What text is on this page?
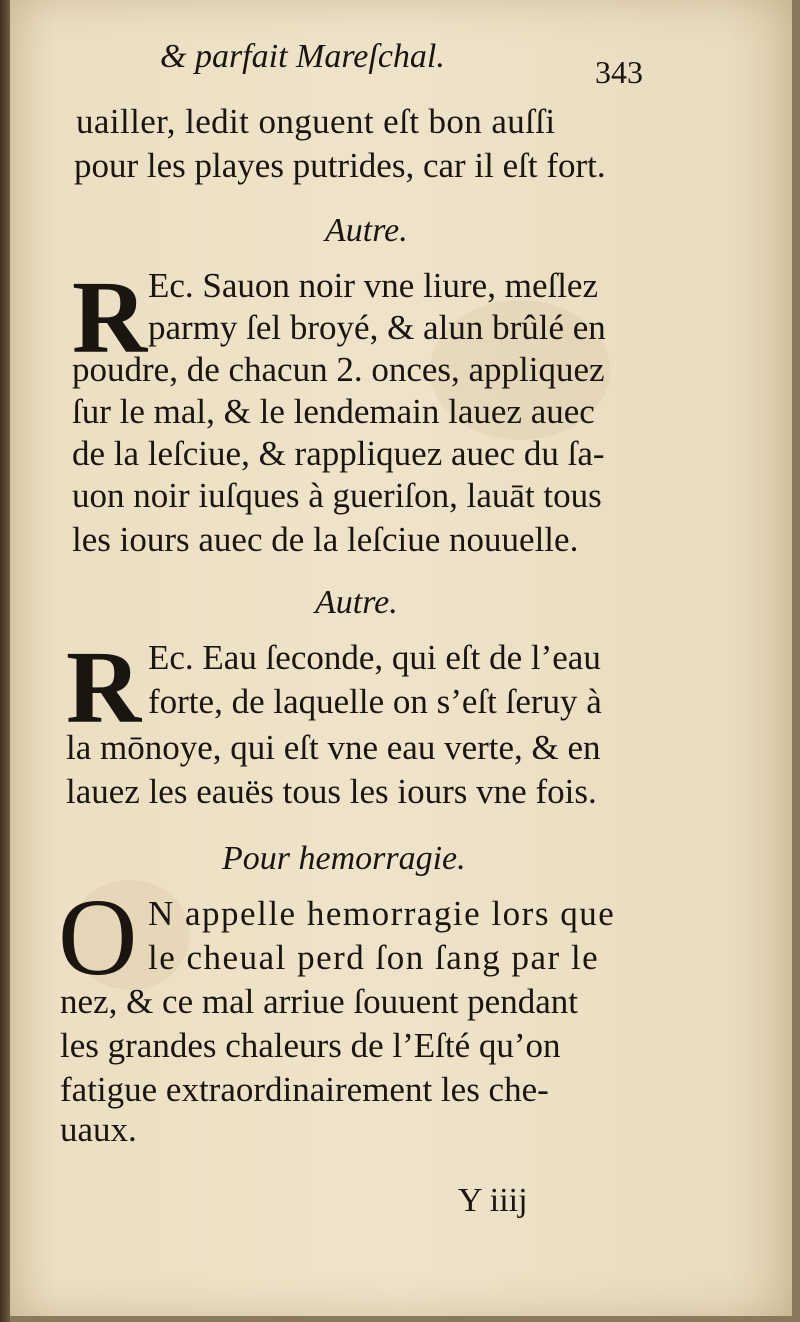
& parfait Mareſchal.	343
uailler, ledit onguent eſt bon auſſi
pour les playes putrides, car il eſt fort.
Autre.
R Ec. Sauon noir vne liure, meſlez
parmy ſel broyé, & alun brûlé en
poudre, de chacun 2. onces, appliquez
ſur le mal, & le lendemain lauez auec
de la leſciue, & rappliquez auec du ſa-
uon noir iuſques à gueriſon, lauāt tous
les iours auec de la leſciue nouuelle.
Autre.
R Ec. Eau ſeconde, qui eſt de l’eau
forte, de laquelle on s’eſt ſeruy à
la mōnoye, qui eſt vne eau verte, & en
lauez les eauës tous les iours vne fois.
Pour hemorragie.
O N appelle hemorragie lors que
le cheual perd ſon ſang par le
nez, & ce mal arriue ſouuent pendant
les grandes chaleurs de l’Eſté qu’on
fatigue extraordinairement les che-
uaux.
Y iiij
